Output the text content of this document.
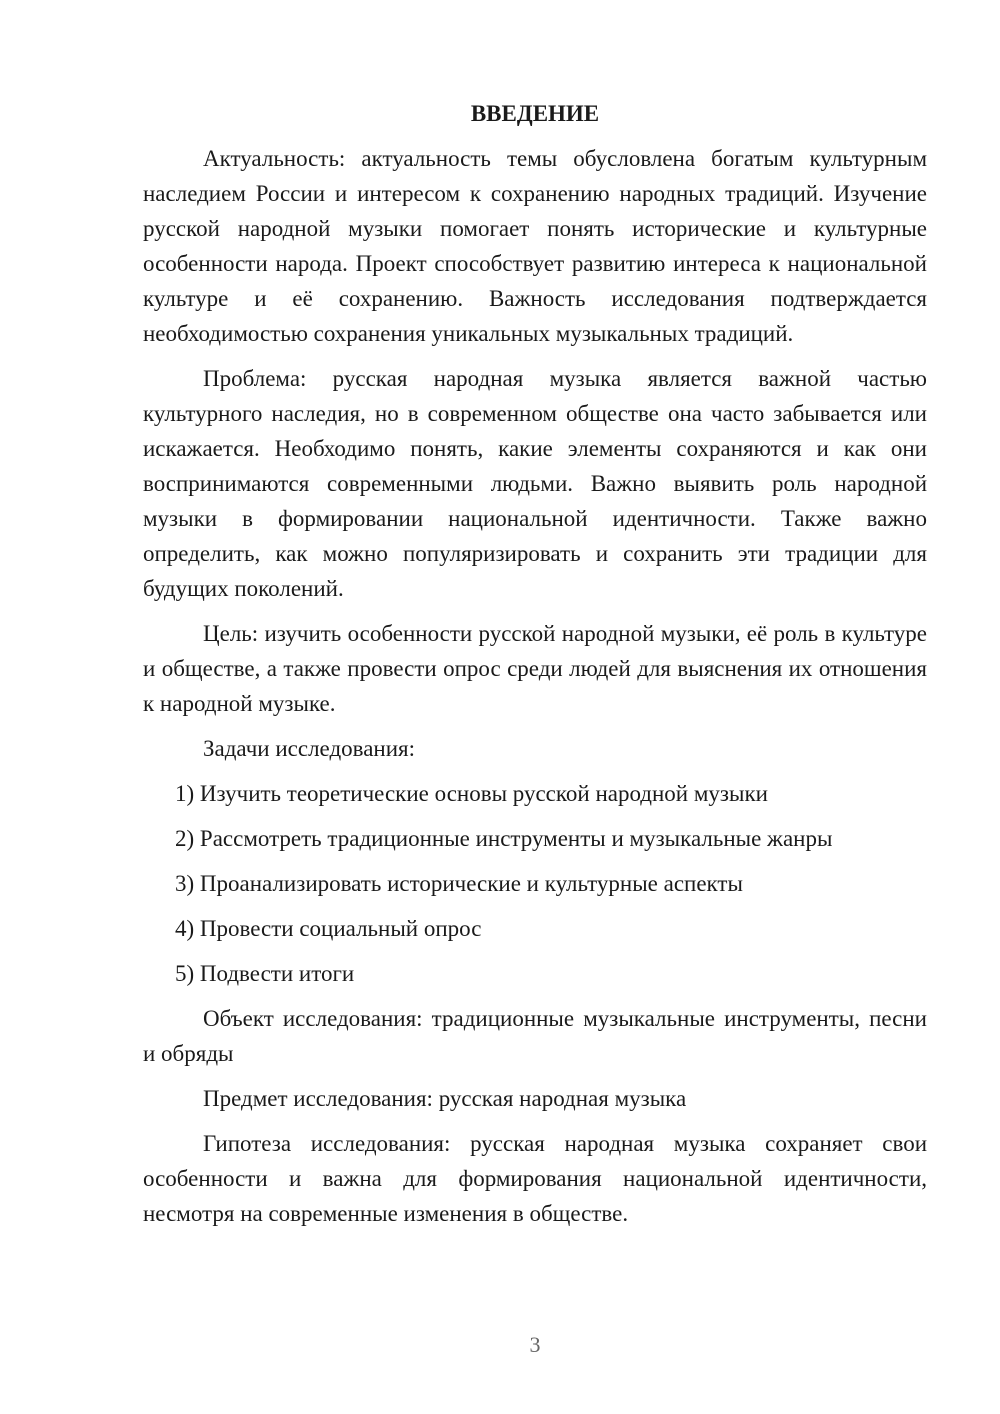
ВВЕДЕНИЕ

Актуальность: актуальность темы обусловлена богатым культурным наследием России и интересом к сохранению народных традиций. Изучение русской народной музыки помогает понять исторические и культурные особенности народа. Проект способствует развитию интереса к национальной культуре и её сохранению. Важность исследования подтверждается необходимостью сохранения уникальных музыкальных традиций.

Проблема: русская народная музыка является важной частью культурного наследия, но в современном обществе она часто забывается или искажается. Необходимо понять, какие элементы сохраняются и как они воспринимаются современными людьми. Важно выявить роль народной музыки в формировании национальной идентичности. Также важно определить, как можно популяризировать и сохранить эти традиции для будущих поколений.

Цель: изучить особенности русской народной музыки, её роль в культуре и обществе, а также провести опрос среди людей для выяснения их отношения к народной музыке.

Задачи исследования:

1) Изучить теоретические основы русской народной музыки
2) Рассмотреть традиционные инструменты и музыкальные жанры
3) Проанализировать исторические и культурные аспекты
4) Провести социальный опрос
5) Подвести итоги

Объект исследования: традиционные музыкальные инструменты, песни и обряды

Предмет исследования: русская народная музыка

Гипотеза исследования: русская народная музыка сохраняет свои особенности и важна для формирования национальной идентичности, несмотря на современные изменения в обществе.

3
